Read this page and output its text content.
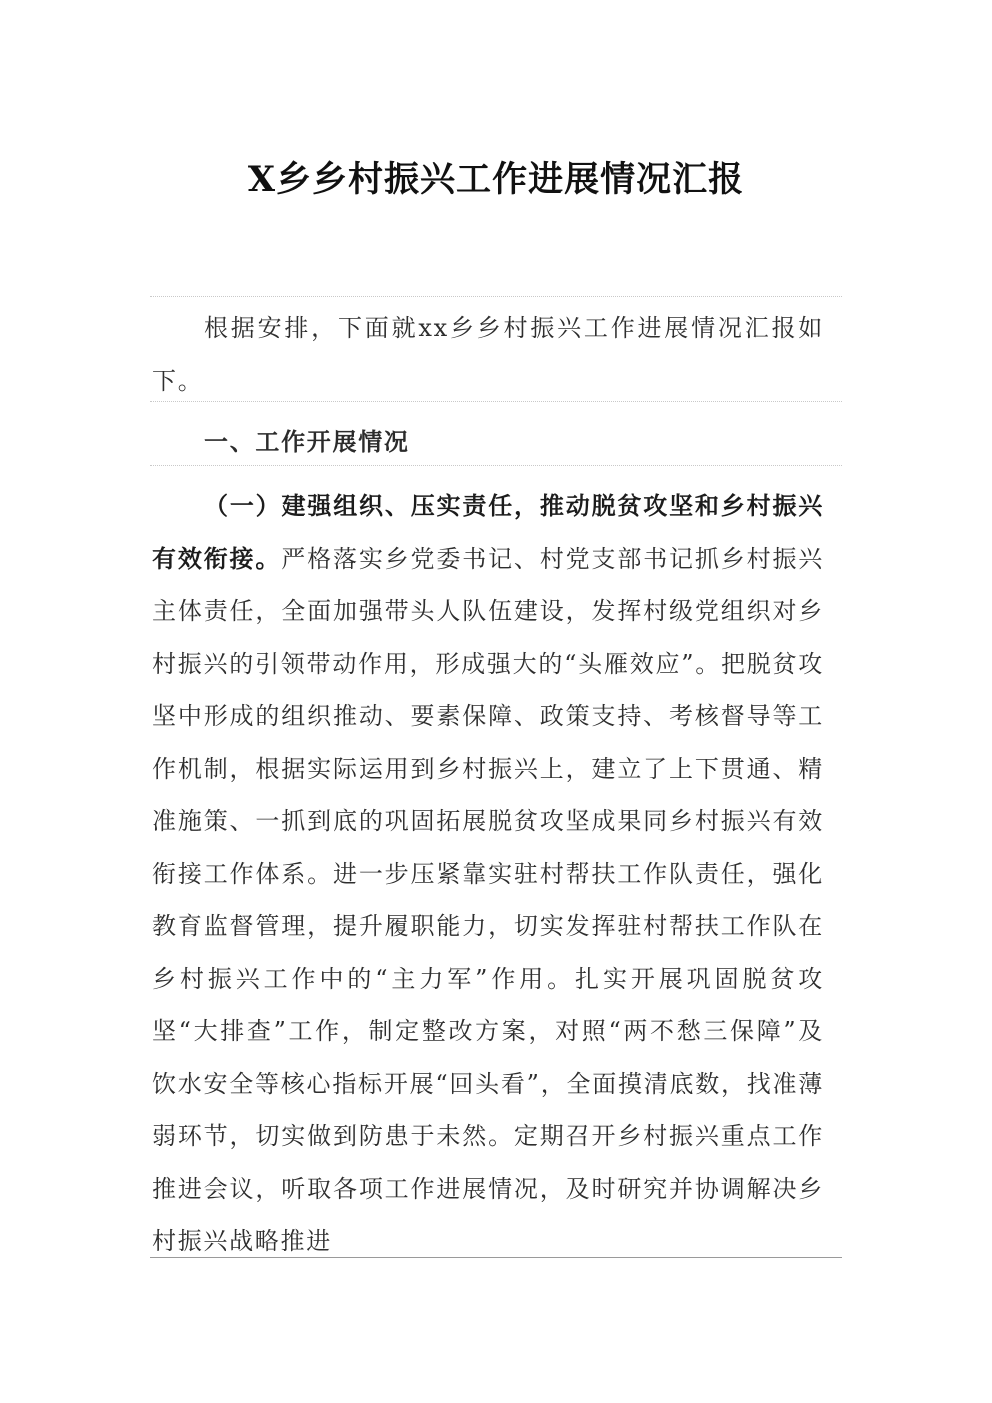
X乡乡村振兴工作进展情况汇报
根据安排，下面就xx乡乡村振兴工作进展情况汇报如下。
一、工作开展情况
（一）建强组织、压实责任，推动脱贫攻坚和乡村振兴有效衔接。严格落实乡党委书记、村党支部书记抓乡村振兴主体责任，全面加强带头人队伍建设，发挥村级党组织对乡村振兴的引领带动作用，形成强大的“头雁效应”。把脱贫攻坚中形成的组织推动、要素保障、政策支持、考核督导等工作机制，根据实际运用到乡村振兴上，建立了上下贯通、精准施策、一抓到底的巩固拓展脱贫攻坚成果同乡村振兴有效衔接工作体系。进一步压紧靠实驻村帮扶工作队责任，强化教育监督管理，提升履职能力，切实发挥驻村帮扶工作队在乡村振兴工作中的“主力军”作用。扎实开展巩固脱贫攻坚“大排查”工作，制定整改方案，对照“两不愁三保障”及饮水安全等核心指标开展“回头看”，全面摸清底数，找准薄弱环节，切实做到防患于未然。定期召开乡村振兴重点工作推进会议，听取各项工作进展情况，及时研究并协调解决乡村振兴战略推进
